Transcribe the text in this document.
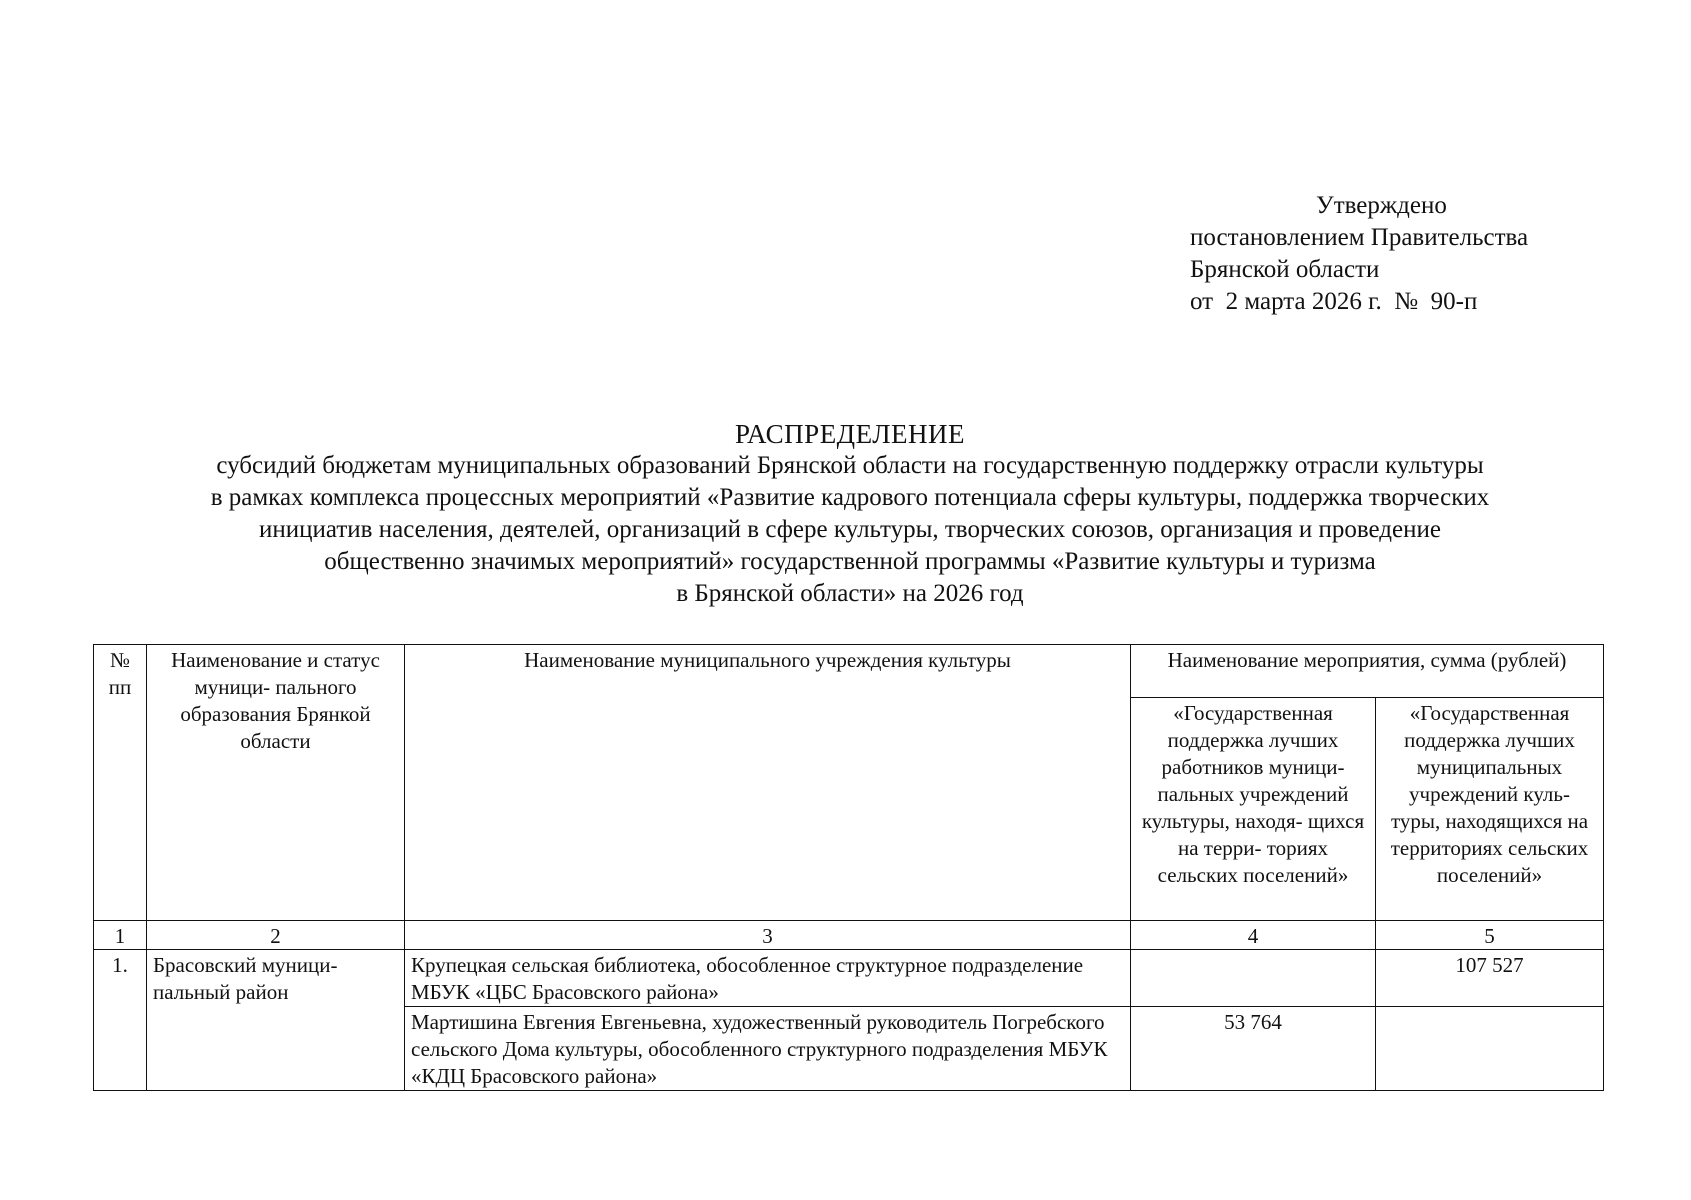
Утверждено
постановлением Правительства
Брянской области
от  2 марта 2026 г.  №  90-п
РАСПРЕДЕЛЕНИЕ
субсидий бюджетам муниципальных образований Брянской области на государственную поддержку отрасли культуры
в рамках комплекса процессных мероприятий «Развитие кадрового потенциала сферы культуры, поддержка творческих
инициатив населения, деятелей, организаций в сфере культуры, творческих союзов, организация и проведение
общественно значимых мероприятий» государственной программы «Развитие культуры и туризма
в Брянской области» на 2026 год
№ пп	Наименование и статус муници- пального образования Брянкой области	Наименование муниципального учреждения культуры	Наименование мероприятия, сумма (рублей)	
			«Государственная поддержка лучших работников муници- пальных учреждений культуры, находя- щихся на терри- ториях сельских поселений»	«Государственная поддержка лучших муниципальных учреждений куль- туры, находящихся на территориях сельских поселений»
1	2	3	4	5
1.	Брасовский муници- пальный район	Крупецкая сельская библиотека, обособленное структурное подразделение МБУК «ЦБС Брасовского района»		107 527
		Мартишина Евгения Евгеньевна, художественный руководитель Погребского сельского Дома культуры, обособленного структурного подразделения МБУК «КДЦ Брасовского района»	53 764	
